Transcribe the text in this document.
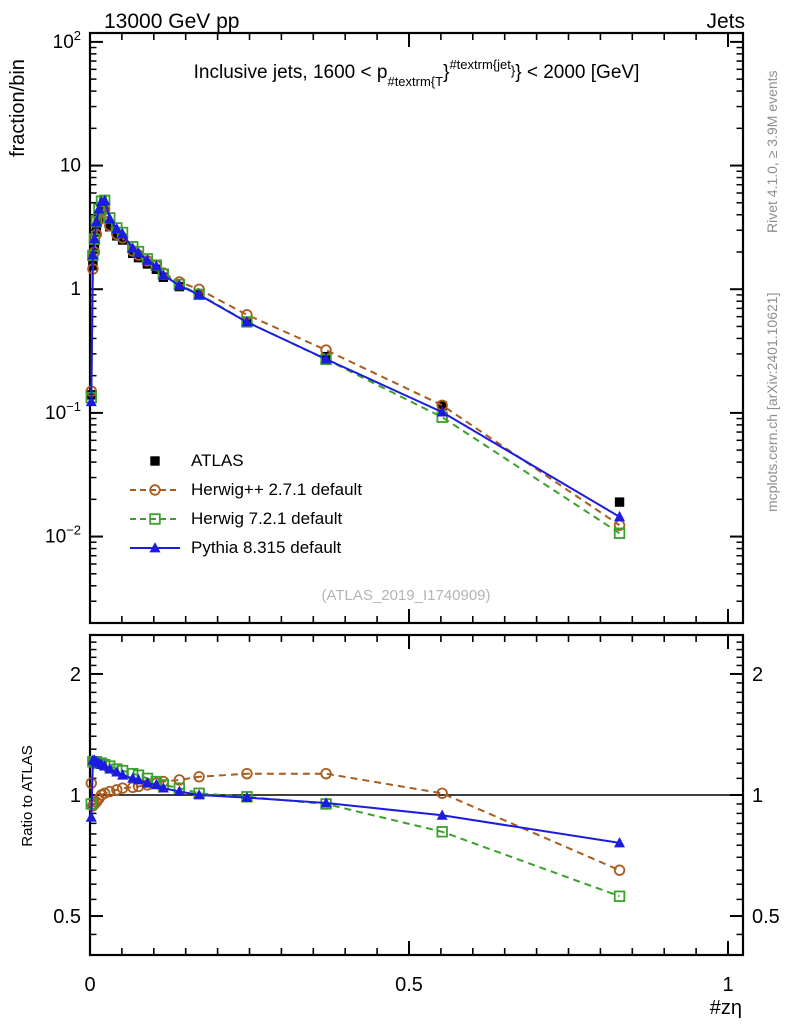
13000 GeV pp	Jets
fraction/bin
Ratio to ATLAS
Rivet 4.1.0, ≥ 3.9M events
mcplots.cern.ch [arXiv:2401.10621]
(ATLAS_2019_I1740909)
#zη
$10^2$
10
1
$10^{-1}$
$10^{-2}$
2	2
1	1
0.5	0.5
0	0.5	1
Inclusive jets, $1600 < p_{\#textrm\{T}\}^{\#textrm\{jet}\}\} < 2000$ [GeV]
ATLAS
Herwig++ 2.7.1 default
Herwig 7.2.1 default
Pythia 8.315 default
